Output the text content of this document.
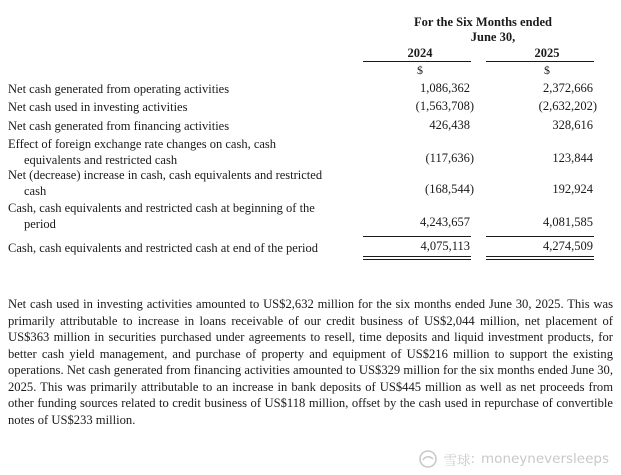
For the Six Months ended
June 30,
2024	2025
$	$
Net cash generated from operating activities	1,086,362	2,372,666
Net cash used in investing activities	(1,563,708)	(2,632,202)
Net cash generated from financing activities	426,438	328,616
Effect of foreign exchange rate changes on cash, cash
equivalents and restricted cash	(117,636)	123,844
Net (decrease) increase in cash, cash equivalents and restricted
cash	(168,544)	192,924
Cash, cash equivalents and restricted cash at beginning of the
period	4,243,657	4,081,585
Cash, cash equivalents and restricted cash at end of the period	4,075,113	4,274,509
Net cash used in investing activities amounted to US$2,632 million for the six months ended June 30, 2025. This was primarily attributable to increase in loans receivable of our credit business of US$2,044 million, net placement of US$363 million in securities purchased under agreements to resell, time deposits and liquid investment products, for better cash yield management, and purchase of property and equipment of US$216 million to support the existing operations. Net cash generated from financing activities amounted to US$329 million for the six months ended June 30, 2025. This was primarily attributable to an increase in bank deposits of US$445 million as well as net proceeds from other funding sources related to credit business of US$118 million, offset by the cash used in repurchase of convertible notes of US$233 million.
雪球 : moneyneversleeps
